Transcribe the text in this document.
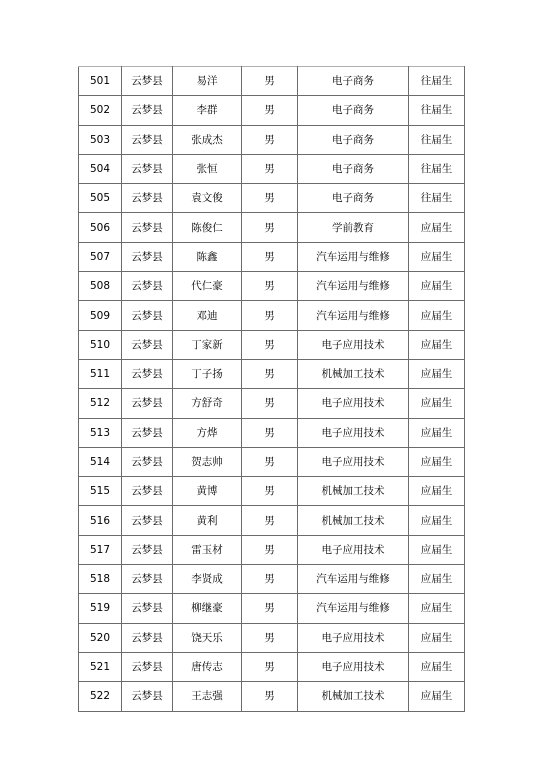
501	云梦县	易洋	男	电子商务	往届生
502	云梦县	李群	男	电子商务	往届生
503	云梦县	张成杰	男	电子商务	往届生
504	云梦县	张恒	男	电子商务	往届生
505	云梦县	袁文俊	男	电子商务	往届生
506	云梦县	陈俊仁	男	学前教育	应届生
507	云梦县	陈鑫	男	汽车运用与维修	应届生
508	云梦县	代仁豪	男	汽车运用与维修	应届生
509	云梦县	邓迪	男	汽车运用与维修	应届生
510	云梦县	丁家新	男	电子应用技术	应届生
511	云梦县	丁子扬	男	机械加工技术	应届生
512	云梦县	方舒奇	男	电子应用技术	应届生
513	云梦县	方烨	男	电子应用技术	应届生
514	云梦县	贺志帅	男	电子应用技术	应届生
515	云梦县	黄博	男	机械加工技术	应届生
516	云梦县	黄利	男	机械加工技术	应届生
517	云梦县	雷玉材	男	电子应用技术	应届生
518	云梦县	李贤成	男	汽车运用与维修	应届生
519	云梦县	柳继豪	男	汽车运用与维修	应届生
520	云梦县	饶天乐	男	电子应用技术	应届生
521	云梦县	唐传志	男	电子应用技术	应届生
522	云梦县	王志强	男	机械加工技术	应届生
